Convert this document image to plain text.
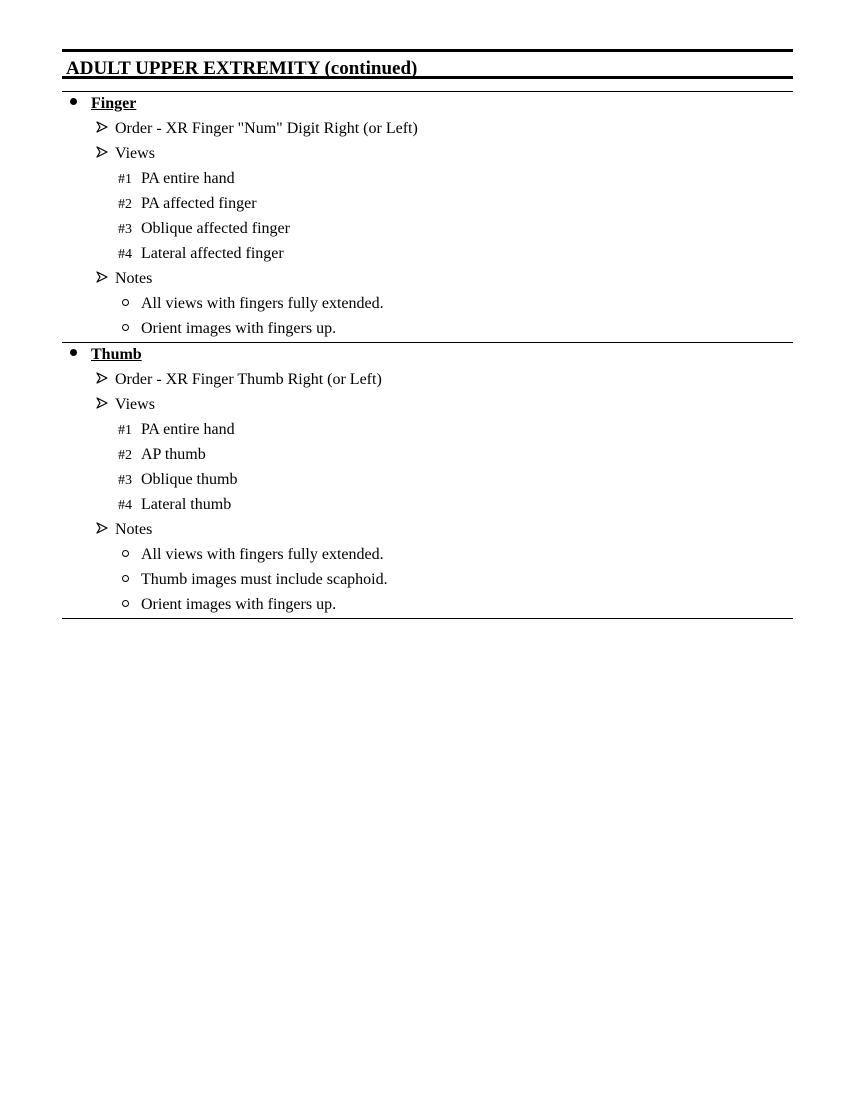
ADULT UPPER EXTREMITY (continued)
Finger
Order - XR Finger "Num" Digit Right (or Left)
Views
#1 PA entire hand
#2 PA affected finger
#3 Oblique affected finger
#4 Lateral affected finger
Notes
All views with fingers fully extended.
Orient images with fingers up.
Thumb
Order - XR Finger Thumb Right (or Left)
Views
#1 PA entire hand
#2 AP thumb
#3 Oblique thumb
#4 Lateral thumb
Notes
All views with fingers fully extended.
Thumb images must include scaphoid.
Orient images with fingers up.
